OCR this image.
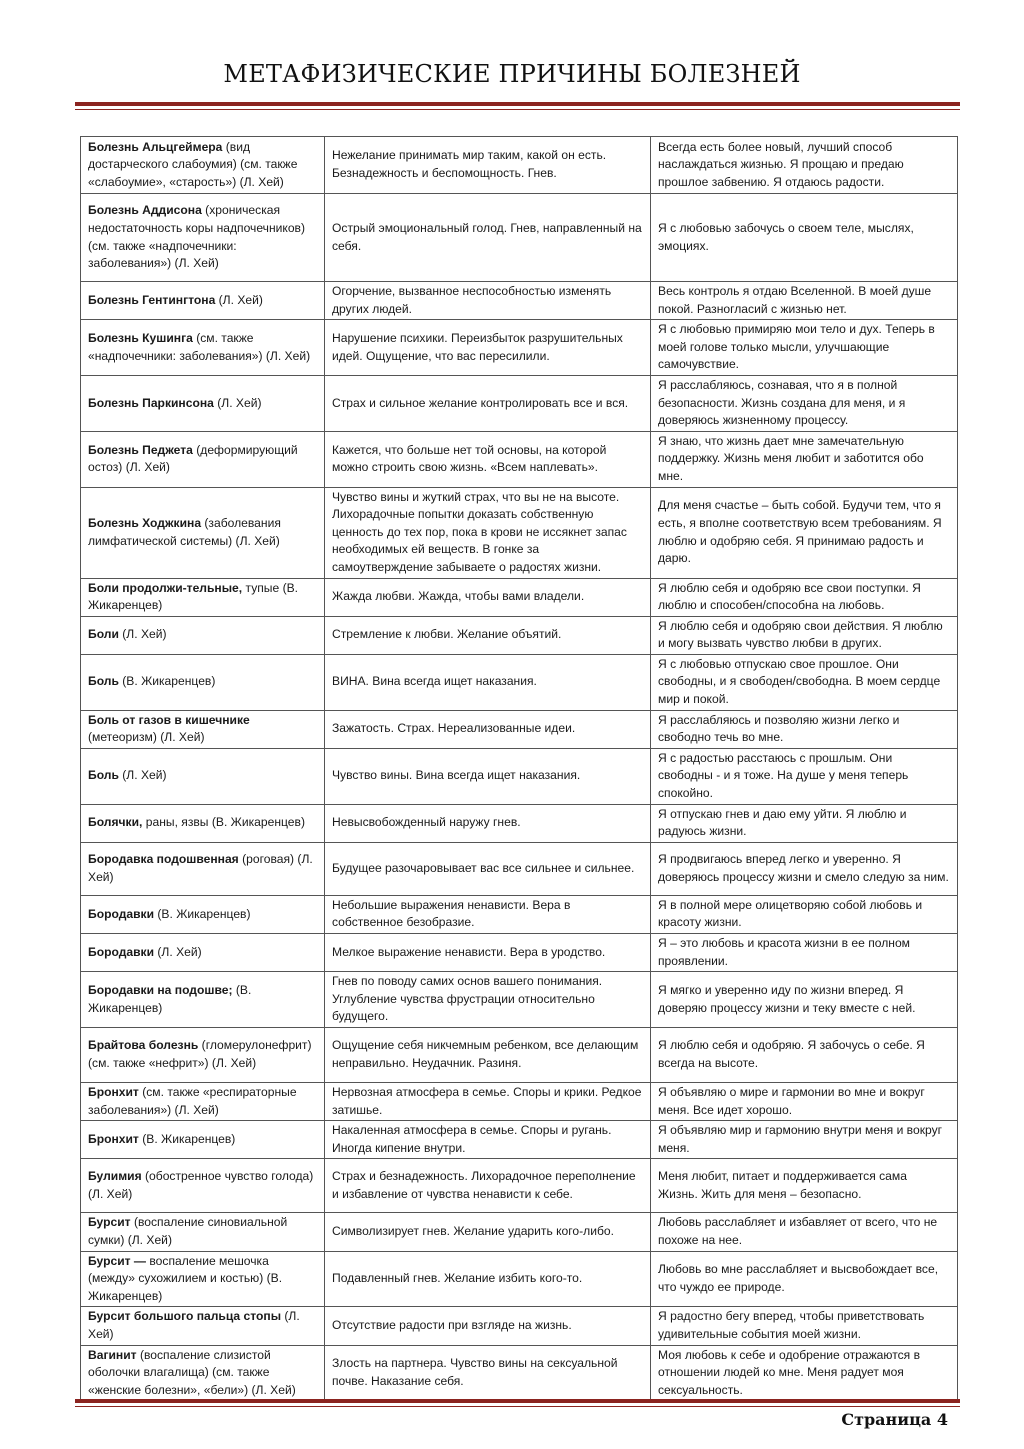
МЕТАФИЗИЧЕСКИЕ ПРИЧИНЫ БОЛЕЗНЕЙ
Болезнь Альцгеймера (вид достарческого слабоумия) (см. также «слабоумие», «старость») (Л. Хей)	Нежелание принимать мир таким, какой он есть. Безнадежность и беспомощность. Гнев.	Всегда есть более новый, лучший способ наслаждаться жизнью. Я прощаю и предаю прошлое забвению. Я отдаюсь радости.
Болезнь Аддисона (хроническая недостаточность коры надпочечников) (см. также «надпочечники: заболевания») (Л. Хей)	Острый эмоциональный голод. Гнев, направленный на себя.	Я с любовью забочусь о своем теле, мыслях, эмоциях.
Болезнь Гентингтона (Л. Хей)	Огорчение, вызванное неспособностью изменять других людей.	Весь контроль я отдаю Вселенной. В моей душе покой. Разногласий с жизнью нет.
Болезнь Кушинга (см. также «надпочечники: заболевания») (Л. Хей)	Нарушение психики. Переизбыток разрушительных идей. Ощущение, что вас пересилили.	Я с любовью примиряю мои тело и дух. Теперь в моей голове только мысли, улучшающие самочувствие.
Болезнь Паркинсона (Л. Хей)	Страх и сильное желание контролировать все и вся.	Я расслабляюсь, сознавая, что я в полной безопасности. Жизнь создана для меня, и я доверяюсь жизненному процессу.
Болезнь Педжета (деформирующий остоз) (Л. Хей)	Кажется, что больше нет той основы, на которой можно строить свою жизнь. «Всем наплевать».	Я знаю, что жизнь дает мне замечательную поддержку. Жизнь меня любит и заботится обо мне.
Болезнь Ходжкина (заболевания лимфатической системы) (Л. Хей)	Чувство вины и жуткий страх, что вы не на высоте. Лихорадочные попытки доказать собственную ценность до тех пор, пока в крови не иссякнет запас необходимых ей веществ. В гонке за самоутверждение забываете о радостях жизни.	Для меня счастье – быть собой. Будучи тем, что я есть, я вполне соответствую всем требованиям. Я люблю и одобряю себя. Я принимаю радость и дарю.
Боли продолжи-тельные, тупые (В. Жикаренцев)	Жажда любви. Жажда, чтобы вами владели.	Я люблю себя и одобряю все свои поступки. Я люблю и способен/способна на любовь.
Боли (Л. Хей)	Стремление к любви. Желание объятий.	Я люблю себя и одобряю свои действия. Я люблю и могу вызвать чувство любви в других.
Боль (В. Жикаренцев)	ВИНА. Вина всегда ищет наказания.	Я с любовью отпускаю свое прошлое. Они свободны, и я свободен/свободна. В моем сердце мир и покой.
Боль от газов в кишечнике (метеоризм) (Л. Хей)	Зажатость. Страх. Нереализованные идеи.	Я расслабляюсь и позволяю жизни легко и свободно течь во мне.
Боль (Л. Хей)	Чувство вины. Вина всегда ищет наказания.	Я с радостью расстаюсь с прошлым. Они свободны - и я тоже. На душе у меня теперь спокойно.
Болячки, раны, язвы (В. Жикаренцев)	Невысвобожденный наружу гнев.	Я отпускаю гнев и даю ему уйти. Я люблю и радуюсь жизни.
Бородавка подошвенная (роговая) (Л. Хей)	Будущее разочаровывает вас все сильнее и сильнее.	Я продвигаюсь вперед легко и уверенно. Я доверяюсь процессу жизни и смело следую за ним.
Бородавки (В. Жикаренцев)	Небольшие выражения ненависти. Вера в собственное безобразие.	Я в полной мере олицетворяю собой любовь и красоту жизни.
Бородавки (Л. Хей)	Мелкое выражение ненависти. Вера в уродство.	Я – это любовь и красота жизни в ее полном проявлении.
Бородавки на подошве; (В. Жикаренцев)	Гнев по поводу самих основ вашего понимания. Углубление чувства фрустрации относительно будущего.	Я мягко и уверенно иду по жизни вперед. Я доверяю процессу жизни и теку вместе с ней.
Брайтова болезнь (гломерулонефрит) (см. также «нефрит») (Л. Хей)	Ощущение себя никчемным ребенком, все делающим неправильно. Неудачник. Разиня.	Я люблю себя и одобряю. Я забочусь о себе. Я всегда на высоте.
Бронхит (см. также «респираторные заболевания») (Л. Хей)	Нервозная атмосфера в семье. Споры и крики. Редкое затишье.	Я объявляю о мире и гармонии во мне и вокруг меня. Все идет хорошо.
Бронхит (В. Жикаренцев)	Накаленная атмосфера в семье. Споры и ругань. Иногда кипение внутри.	Я объявляю мир и гармонию внутри меня и вокруг меня.
Булимия (обостренное чувство голода) (Л. Хей)	Страх и безнадежность. Лихорадочное переполнение и избавление от чувства ненависти к себе.	Меня любит, питает и поддерживается сама Жизнь. Жить для меня – безопасно.
Бурсит (воспаление синовиальной сумки) (Л. Хей)	Символизирует гнев. Желание ударить кого-либо.	Любовь расслабляет и избавляет от всего, что не похоже на нее.
Бурсит — воспаление мешочка (между» сухожилием и костью) (В. Жикаренцев)	Подавленный гнев. Желание избить кого-то.	Любовь во мне расслабляет и высвобождает все, что чуждо ее природе.
Бурсит большого пальца стопы (Л. Хей)	Отсутствие радости при взгляде на жизнь.	Я радостно бегу вперед, чтобы приветствовать удивительные события моей жизни.
Вагинит (воспаление слизистой оболочки влагалища) (см. также «женские болезни», «бели») (Л. Хей)	Злость на партнера. Чувство вины на сексуальной почве. Наказание себя.	Моя любовь к себе и одобрение отражаются в отношении людей ко мне. Меня радует моя сексуальность.
Страница 4
